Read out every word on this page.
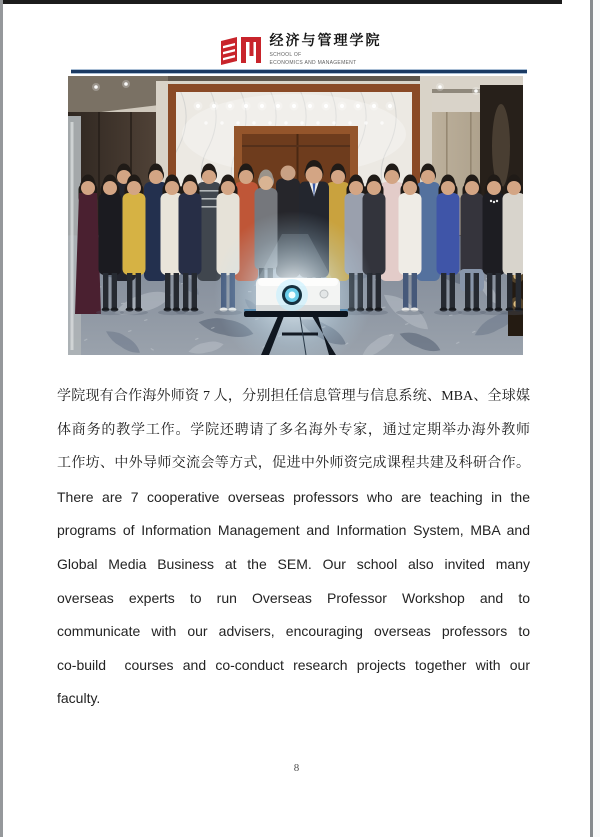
经济与管理学院
SCHOOL OF
ECONOMICS AND MANAGEMENT
学院现有合作海外师资 7 人，分别担任信息管理与信息系统、MBA、全球媒
体商务的教学工作。学院还聘请了多名海外专家，通过定期举办海外教师
工作坊、中外导师交流会等方式，促进中外师资完成课程共建及科研合作。
There are 7 cooperative overseas professors who are teaching in the
programs of Information Management and Information System, MBA and
Global Media Business at the SEM. Our school also invited many
overseas experts to run Overseas Professor Workshop and to
communicate with our advisers, encouraging overseas professors to
co-build  courses and co-conduct research projects together with our
faculty.
8
